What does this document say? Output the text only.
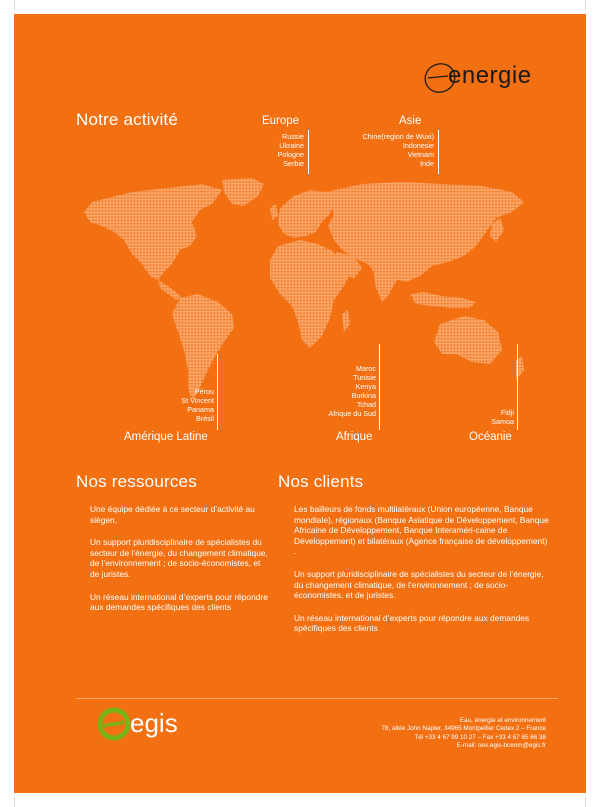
energie
Notre activité	Europe
Russie
Ukraine
Pologne
Serbie
Asie
Chine(region de Wuxi)
Indonesie
Vietnam
Inde
Pérou
St Vincent
Panama
Brésil
Amérique Latine
Maroc
Tunisie
Kenya
Burkina
Tchad
Afrique du Sud
Afrique
Fidji
Samoa
Océanie
Nos ressources

Une équipe dédiée à ce secteur d’activité au siègen,

Un support pluridisciplinaire de spécialistes du secteur de l’énergie, du changement climatique, de l’environnement ; de socio-économistes, et de juristes.

Un réseau international d’experts pour répondre aux demandes spécifiques des clients

Nos clients

Les bailleurs de fonds multilatéraux (Union européenne, Banque mondiale), régionaux (Banque Asiatique de Développement, Banque Africaine de Développement, Banque Interaméri-caine de Développement) et bilatéraux (Agence française de développement) .

Un support pluridisciplinaire de spécialistes du secteur de l’énergie, du changement climatique, de l’environnement ; de socio-économistes, et de juristes.

Un réseau international d’experts pour répondre aux demandes spécifiques des clients

egis	Eau, énergie et environnement
78, allée John Napier, 34965 Montpellier Cedex 2 – France
Tél +33 4 67 99 10 27 – Fax +33 4 67 65 66 38
E-mail: oex.egis-bceom@egis.fr
